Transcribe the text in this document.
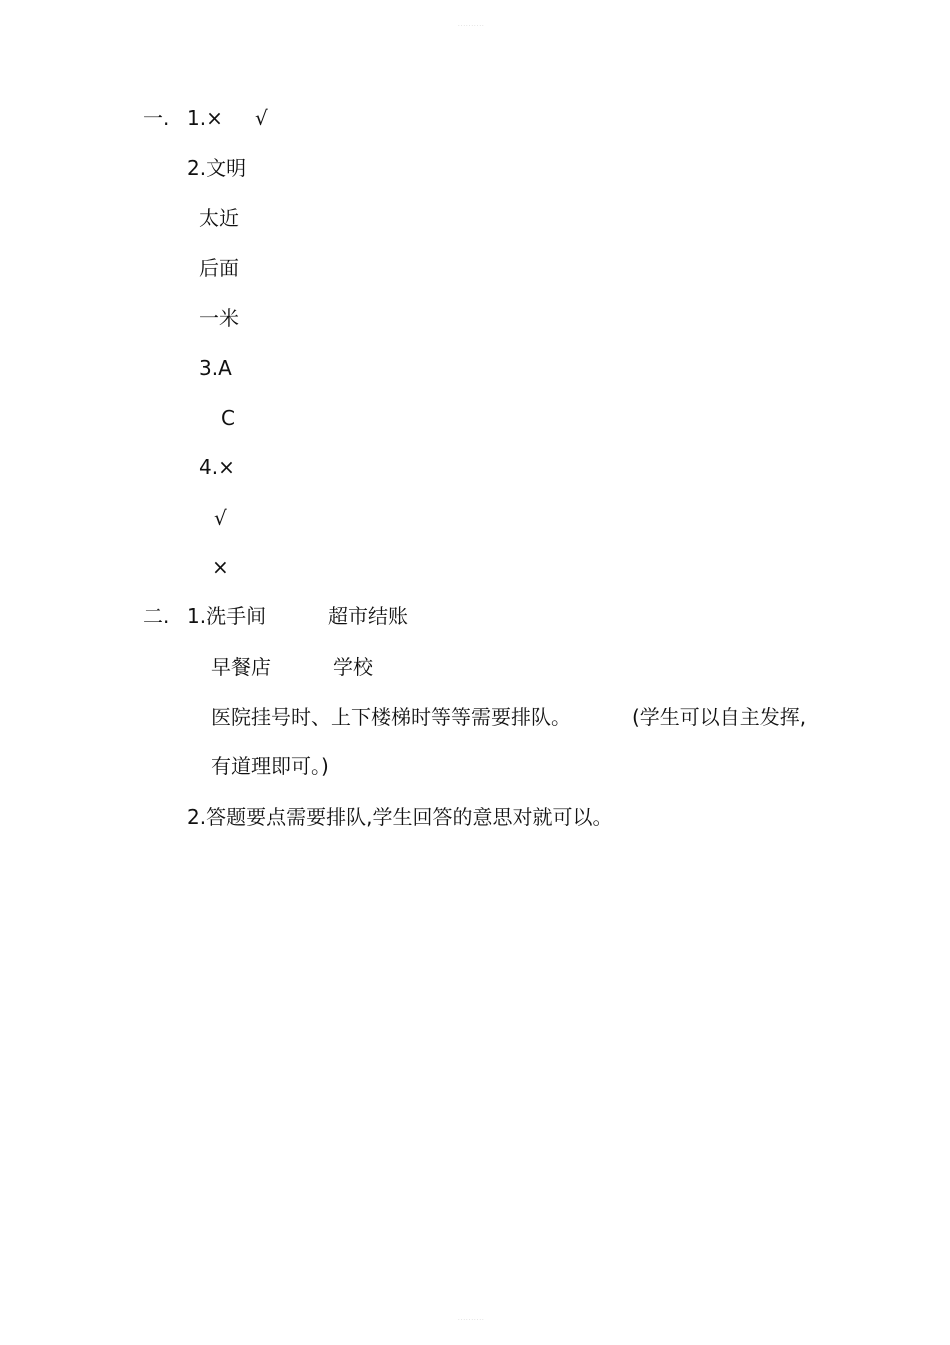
..........
一. 1.× √
2.文明
太近
后面
一米
3.A
C
4.×
√
×
二. 1.洗手间	超市结账
早餐店	学校
医院挂号时、上下楼梯时等等需要排队。	(学生可以自主发挥,
有道理即可。)
2.答题要点需要排队,学生回答的意思对就可以。
..........
